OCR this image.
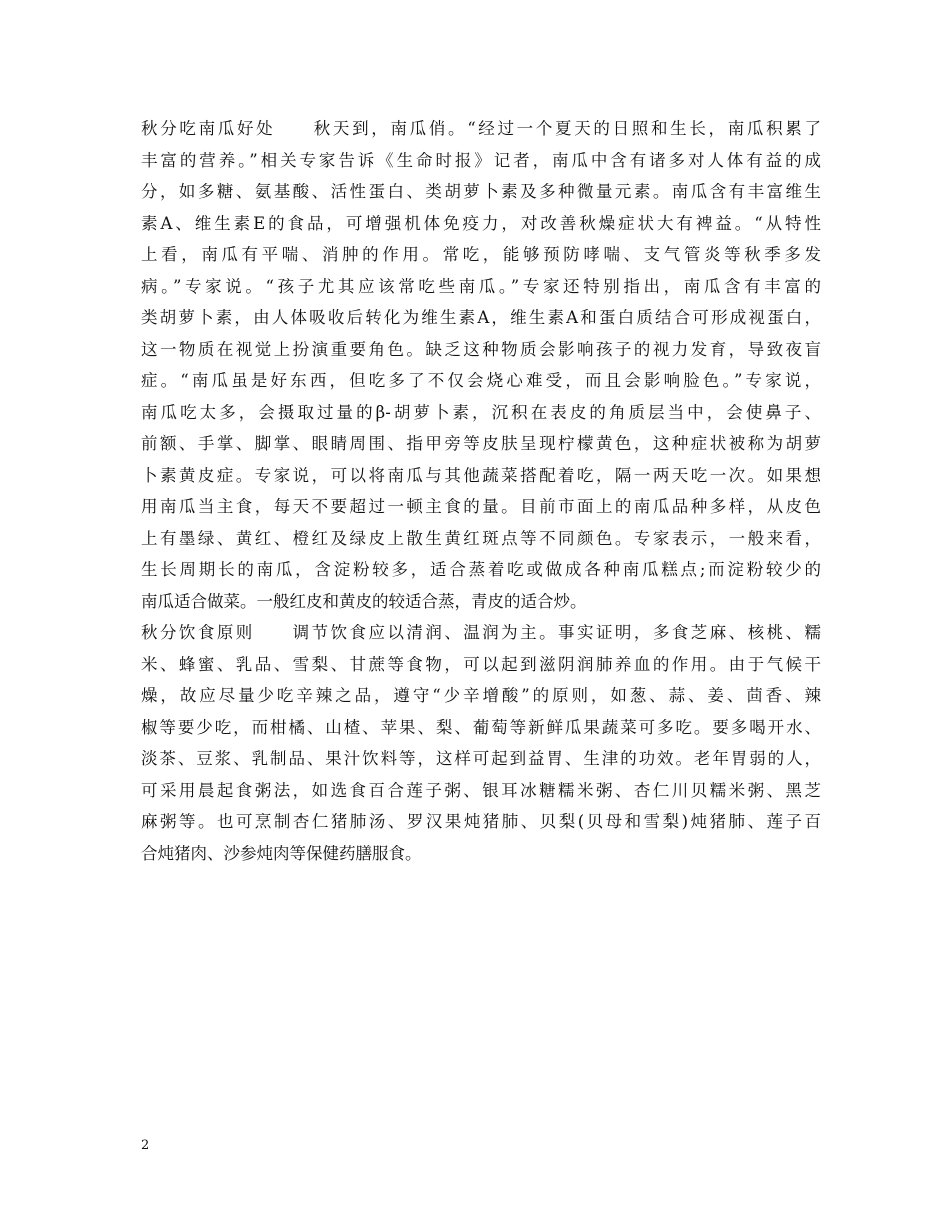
秋分吃南瓜好处　　秋天到，南瓜俏。“经过一个夏天的日照和生长，南瓜积累了
丰富的营养。”相关专家告诉《生命时报》记者，南瓜中含有诸多对人体有益的成
分，如多糖、氨基酸、活性蛋白、类胡萝卜素及多种微量元素。南瓜含有丰富维生
素A、维生素E的食品，可增强机体免疫力，对改善秋燥症状大有裨益。“从特性
上看，南瓜有平喘、消肿的作用。常吃，能够预防哮喘、支气管炎等秋季多发
病。”专家说。“孩子尤其应该常吃些南瓜。”专家还特别指出，南瓜含有丰富的
类胡萝卜素，由人体吸收后转化为维生素A，维生素A和蛋白质结合可形成视蛋白，
这一物质在视觉上扮演重要角色。缺乏这种物质会影响孩子的视力发育，导致夜盲
症。“南瓜虽是好东西，但吃多了不仅会烧心难受，而且会影响脸色。”专家说，
南瓜吃太多，会摄取过量的β-胡萝卜素，沉积在表皮的角质层当中，会使鼻子、
前额、手掌、脚掌、眼睛周围、指甲旁等皮肤呈现柠檬黄色，这种症状被称为胡萝
卜素黄皮症。专家说，可以将南瓜与其他蔬菜搭配着吃，隔一两天吃一次。如果想
用南瓜当主食，每天不要超过一顿主食的量。目前市面上的南瓜品种多样，从皮色
上有墨绿、黄红、橙红及绿皮上散生黄红斑点等不同颜色。专家表示，一般来看，
生长周期长的南瓜，含淀粉较多，适合蒸着吃或做成各种南瓜糕点;而淀粉较少的
南瓜适合做菜。一般红皮和黄皮的较适合蒸，青皮的适合炒。
秋分饮食原则　　调节饮食应以清润、温润为主。事实证明，多食芝麻、核桃、糯
米、蜂蜜、乳品、雪梨、甘蔗等食物，可以起到滋阴润肺养血的作用。由于气候干
燥，故应尽量少吃辛辣之品，遵守“少辛增酸”的原则，如葱、蒜、姜、茴香、辣
椒等要少吃，而柑橘、山楂、苹果、梨、葡萄等新鲜瓜果蔬菜可多吃。要多喝开水、
淡茶、豆浆、乳制品、果汁饮料等，这样可起到益胃、生津的功效。老年胃弱的人，
可采用晨起食粥法，如选食百合莲子粥、银耳冰糖糯米粥、杏仁川贝糯米粥、黑芝
麻粥等。也可烹制杏仁猪肺汤、罗汉果炖猪肺、贝梨(贝母和雪梨)炖猪肺、莲子百
合炖猪肉、沙参炖肉等保健药膳服食。
2
